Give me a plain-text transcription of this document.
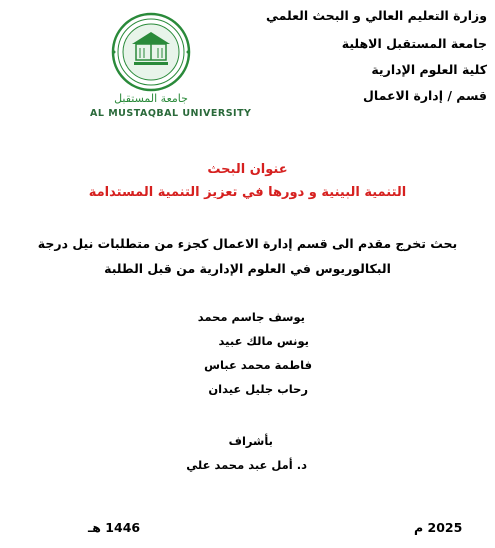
وزارة التعليم العالي و البحث العلمي
جامعة المستقبل الاهلية
كلية العلوم الإدارية
قسم / إدارة الاعمال
جامعة المستقبل
AL MUSTAQBAL UNIVERSITY
عنوان البحث
التنمية البينية و دورها في تعزيز التنمية المستدامة
بحث تخرج مقدم الى قسم إدارة الاعمال كجزء من متطلبات نيل درجة
البكالوريوس في العلوم الإدارية من قبل الطلبة
يوسف جاسم محمد
يونس مالك عبيد
فاطمة محمد عباس
رحاب جليل عيدان
بأشراف
د. أمل عبد محمد علي
1446 هـ	2025 م
